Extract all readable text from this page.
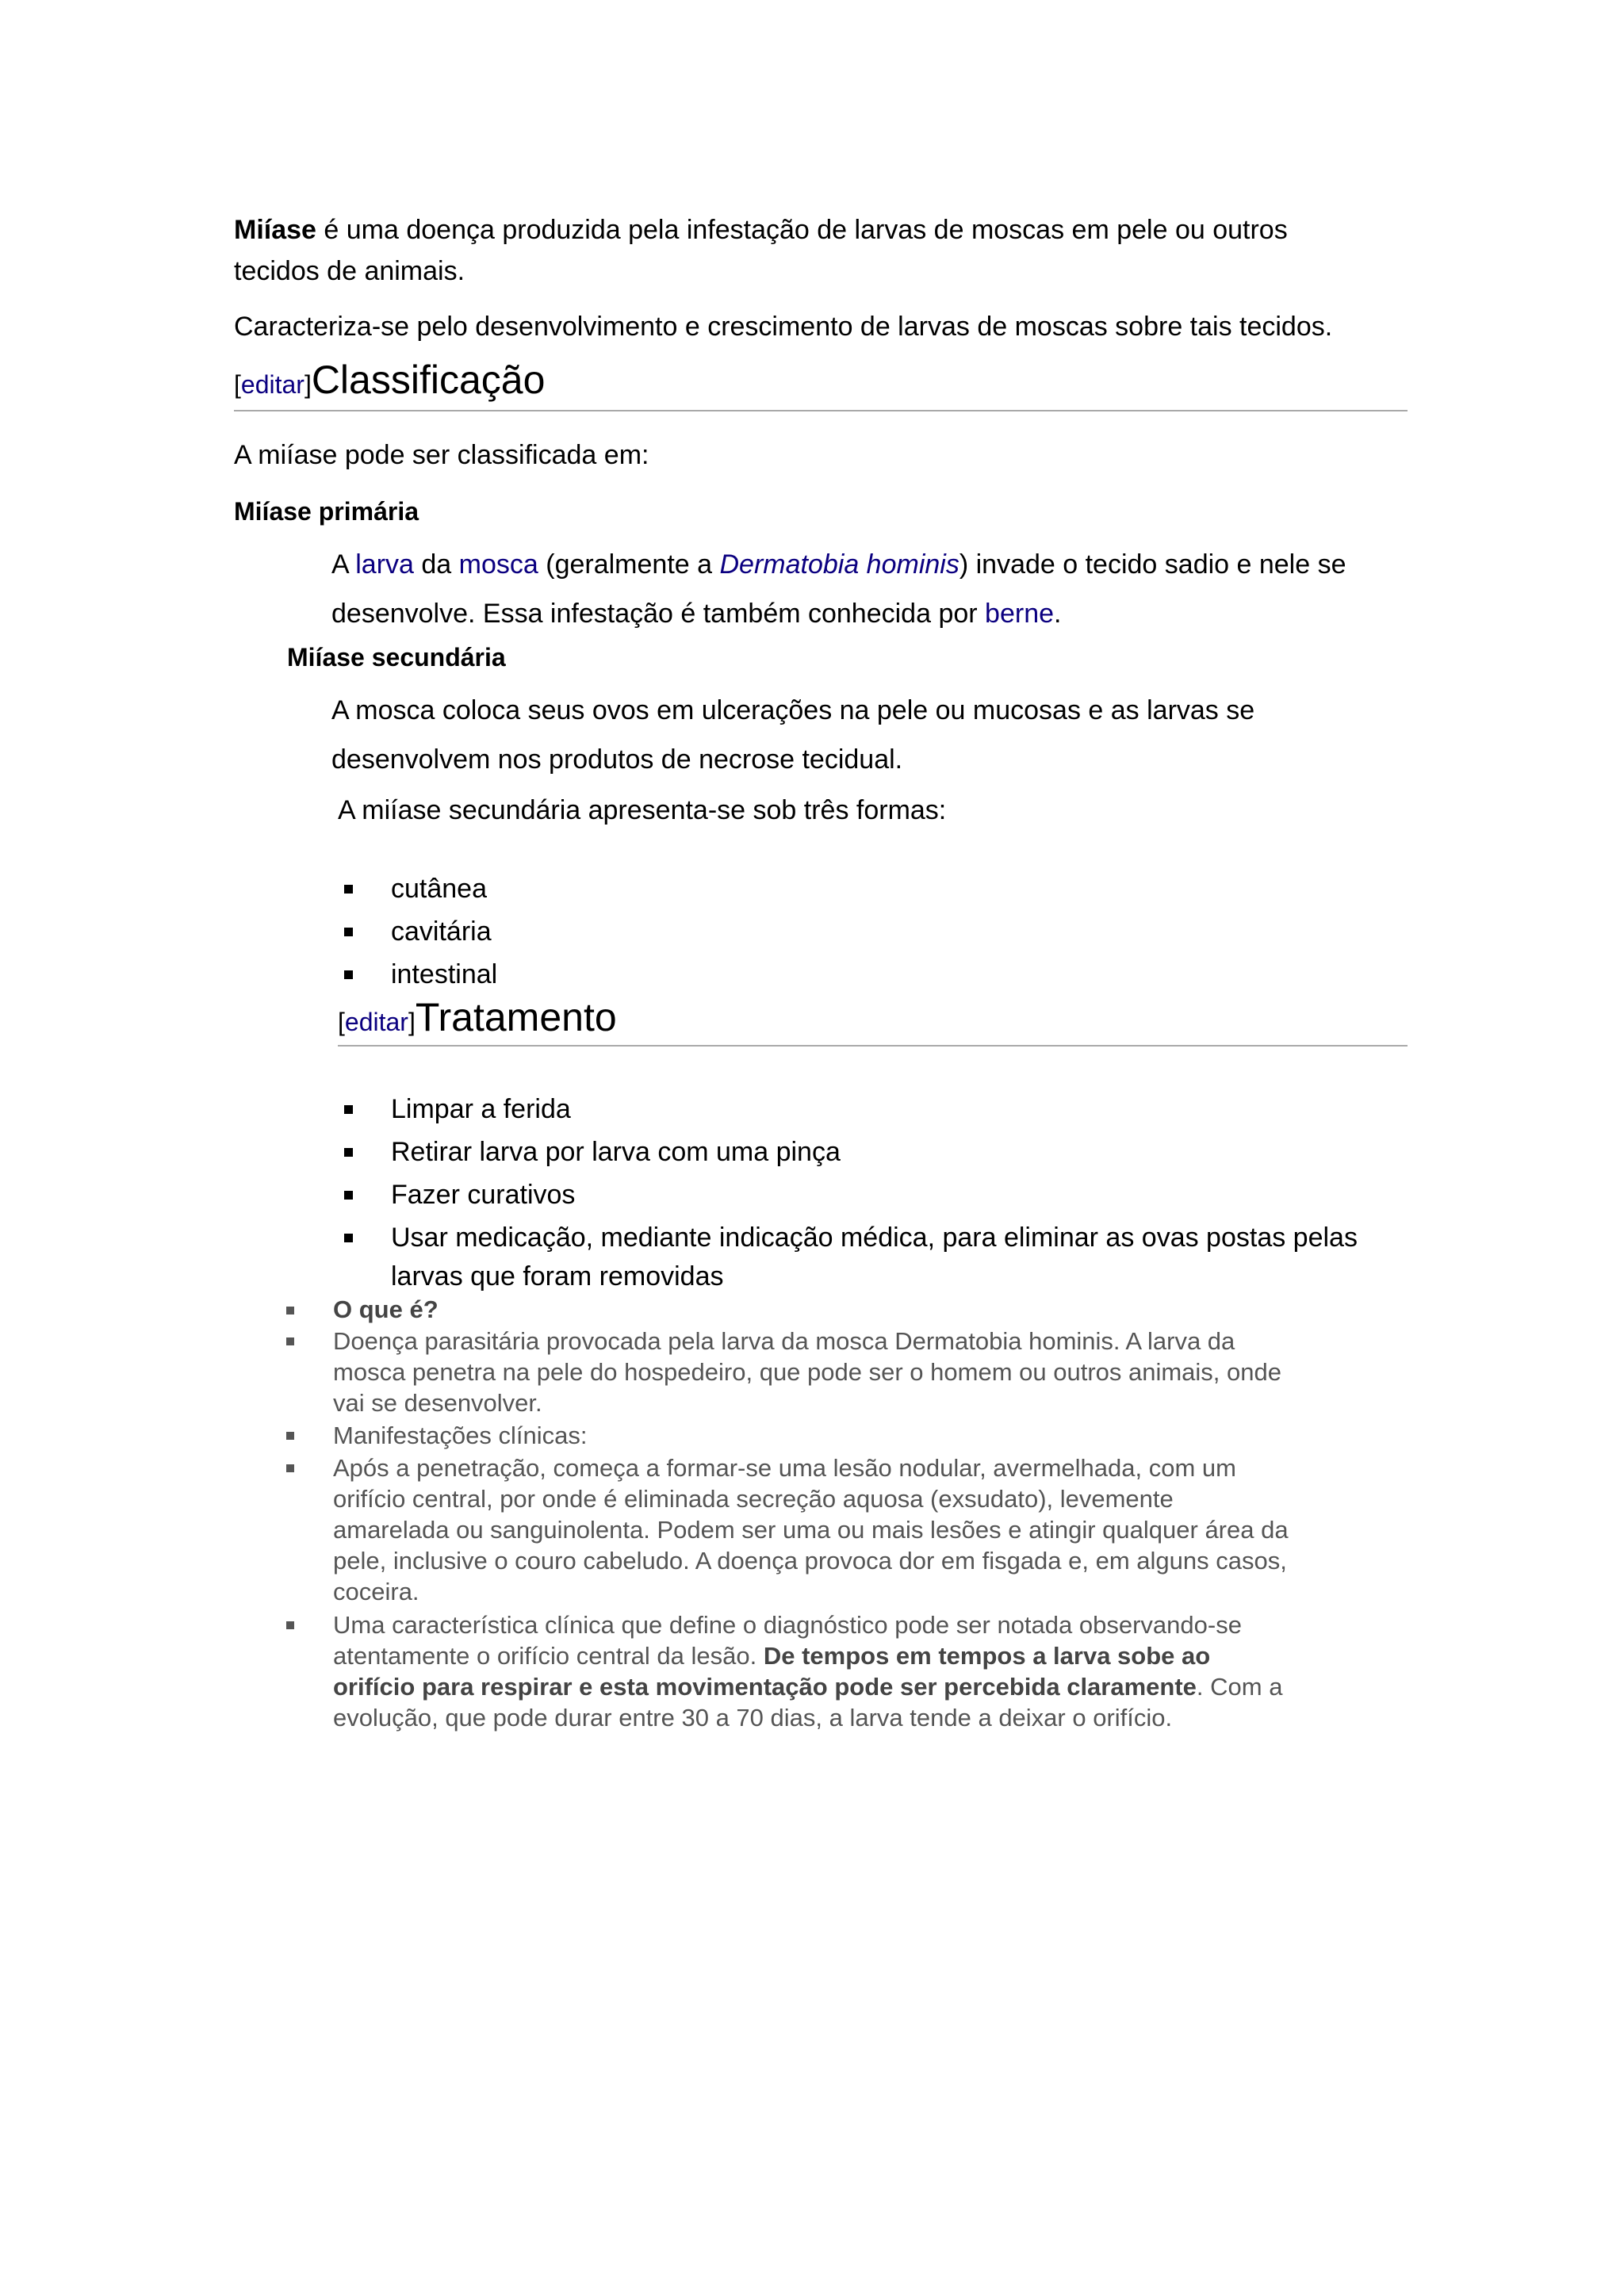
Miíase é uma doença produzida pela infestação de larvas de moscas em pele ou outros
tecidos de animais.
Caracteriza-se pelo desenvolvimento e crescimento de larvas de moscas sobre tais tecidos.
[editar]Classificação
A miíase pode ser classificada em:
Miíase primária
A larva da mosca (geralmente a Dermatobia hominis) invade o tecido sadio e nele se
desenvolve. Essa infestação é também conhecida por berne.
Miíase secundária
A mosca coloca seus ovos em ulcerações na pele ou mucosas e as larvas se
desenvolvem nos produtos de necrose tecidual.
A miíase secundária apresenta-se sob três formas:
cutânea
cavitária
intestinal
[editar]Tratamento
Limpar a ferida
Retirar larva por larva com uma pinça
Fazer curativos
Usar medicação, mediante indicação médica, para eliminar as ovas postas pelas
larvas que foram removidas
O que é?
Doença parasitária provocada pela larva da mosca Dermatobia hominis. A larva da
mosca penetra na pele do hospedeiro, que pode ser o homem ou outros animais, onde
vai se desenvolver.
Manifestações clínicas:
Após a penetração, começa a formar-se uma lesão nodular, avermelhada, com um
orifício central, por onde é eliminada secreção aquosa (exsudato), levemente
amarelada ou sanguinolenta. Podem ser uma ou mais lesões e atingir qualquer área da
pele, inclusive o couro cabeludo. A doença provoca dor em fisgada e, em alguns casos,
coceira.
Uma característica clínica que define o diagnóstico pode ser notada observando-se
atentamente o orifício central da lesão. De tempos em tempos a larva sobe ao
orifício para respirar e esta movimentação pode ser percebida claramente. Com a
evolução, que pode durar entre 30 a 70 dias, a larva tende a deixar o orifício.
